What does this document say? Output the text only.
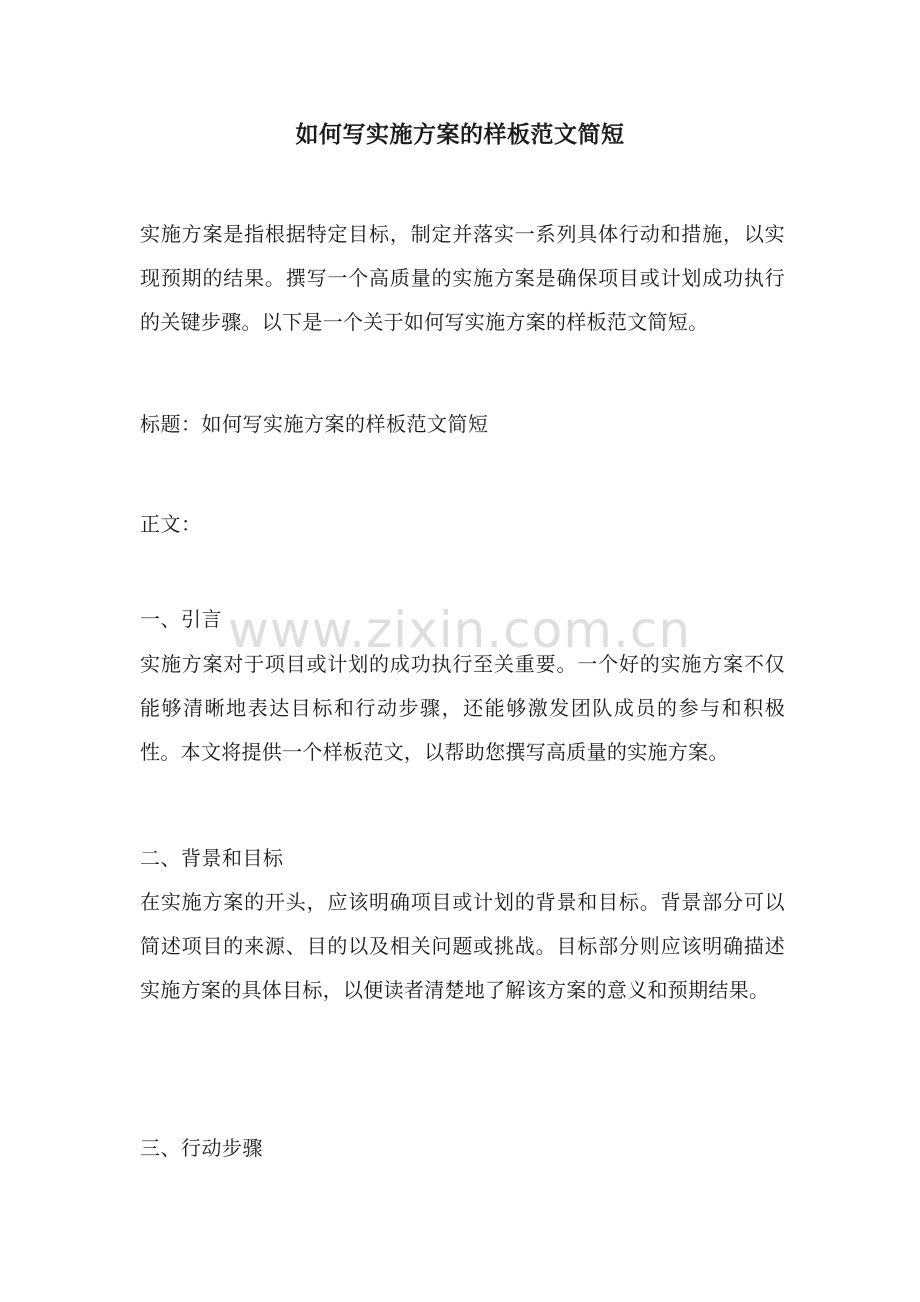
如何写实施方案的样板范文简短

实施方案是指根据特定目标，制定并落实一系列具体行动和措施，以实现预期的结果。撰写一个高质量的实施方案是确保项目或计划成功执行的关键步骤。以下是一个关于如何写实施方案的样板范文简短。

标题：如何写实施方案的样板范文简短

正文：

一、引言

实施方案对于项目或计划的成功执行至关重要。一个好的实施方案不仅能够清晰地表达目标和行动步骤，还能够激发团队成员的参与和积极性。本文将提供一个样板范文，以帮助您撰写高质量的实施方案。

二、背景和目标

在实施方案的开头，应该明确项目或计划的背景和目标。背景部分可以简述项目的来源、目的以及相关问题或挑战。目标部分则应该明确描述实施方案的具体目标，以便读者清楚地了解该方案的意义和预期结果。

三、行动步骤

www.zixin.com.cn
